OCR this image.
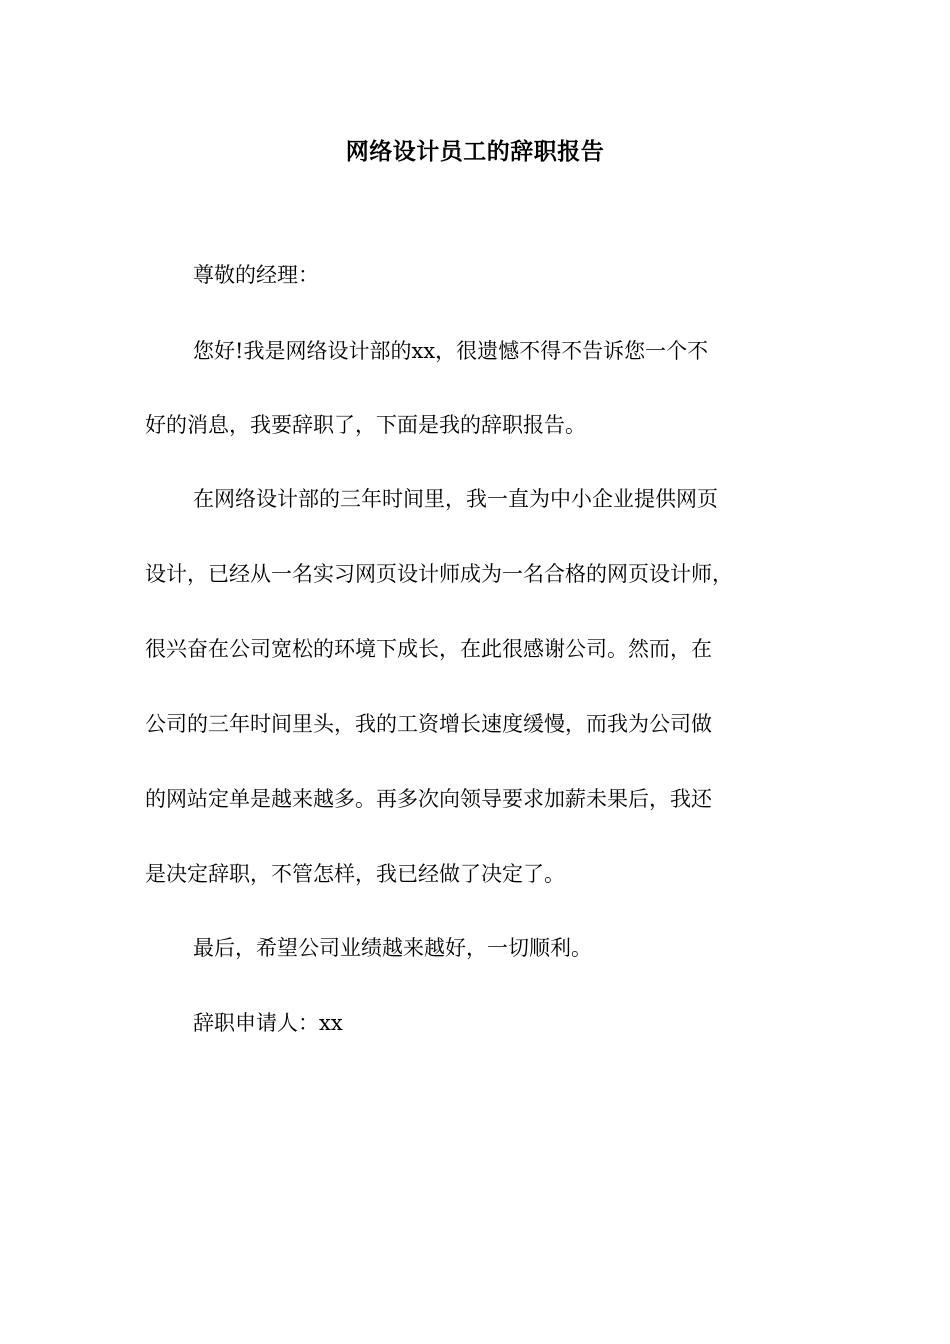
网络设计员工的辞职报告
尊敬的经理：
您好!我是网络设计部的xx，很遗憾不得不告诉您一个不
好的消息，我要辞职了，下面是我的辞职报告。
在网络设计部的三年时间里，我一直为中小企业提供网页
设计，已经从一名实习网页设计师成为一名合格的网页设计师，
很兴奋在公司宽松的环境下成长，在此很感谢公司。然而，在
公司的三年时间里头，我的工资增长速度缓慢，而我为公司做
的网站定单是越来越多。再多次向领导要求加薪未果后，我还
是决定辞职，不管怎样，我已经做了决定了。
最后，希望公司业绩越来越好，一切顺利。
辞职申请人：xx
